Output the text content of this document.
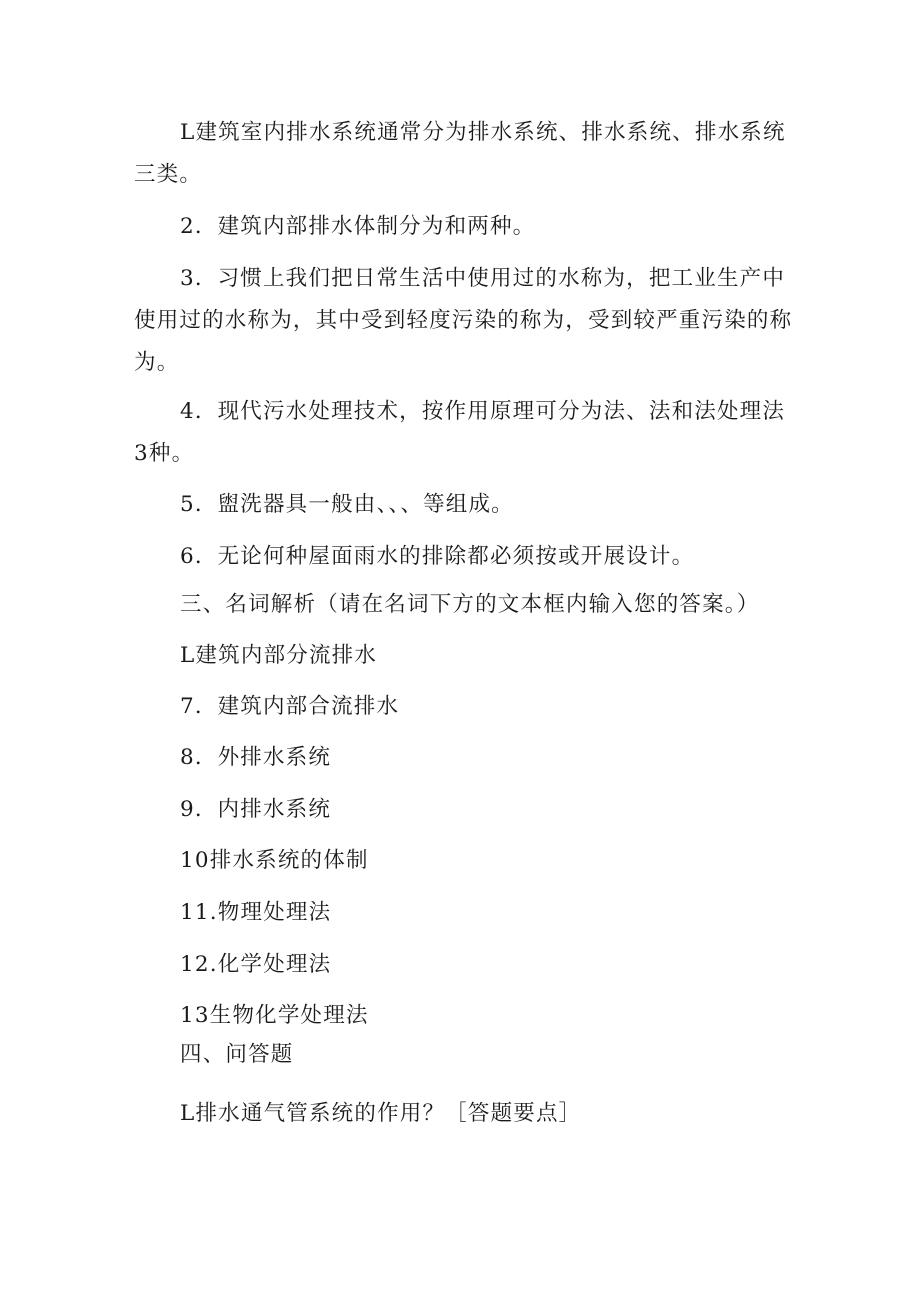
L建筑室内排水系统通常分为排水系统、排水系统、排水系统三类。

2．建筑内部排水体制分为和两种。

3．习惯上我们把日常生活中使用过的水称为，把工业生产中使用过的水称为，其中受到轻度污染的称为，受到较严重污染的称为。

4．现代污水处理技术，按作用原理可分为法、法和法处理法3种。

5．盥洗器具一般由、、、等组成。

6．无论何种屋面雨水的排除都必须按或开展设计。

三、名词解析（请在名词下方的文本框内输入您的答案。）
L建筑内部分流排水
7．建筑内部合流排水
8．外排水系统
9．内排水系统
10排水系统的体制
11.物理处理法
12.化学处理法
13生物化学处理法
四、问答题
L排水通气管系统的作用？［答题要点］
